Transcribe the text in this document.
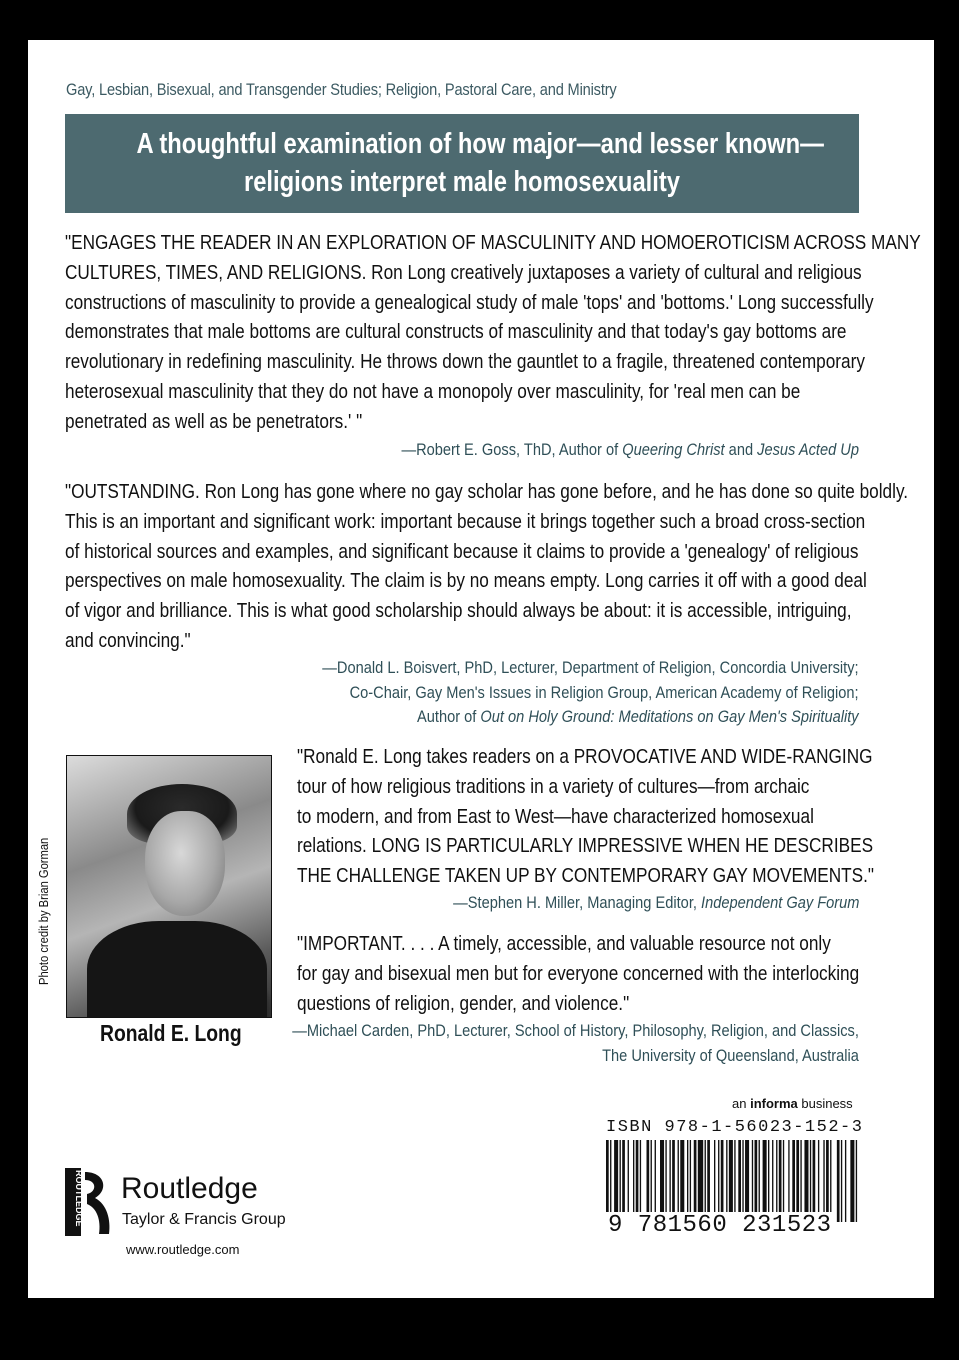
Gay, Lesbian, Bisexual, and Transgender Studies; Religion, Pastoral Care, and Ministry
A thoughtful examination of how major—and lesser known—
religions interpret male homosexuality
"ENGAGES THE READER IN AN EXPLORATION OF MASCULINITY AND HOMOEROTICISM ACROSS MANY
CULTURES, TIMES, AND RELIGIONS. Ron Long creatively juxtaposes a variety of cultural and religious
constructions of masculinity to provide a genealogical study of male 'tops' and 'bottoms.' Long successfully
demonstrates that male bottoms are cultural constructs of masculinity and that today's gay bottoms are
revolutionary in redefining masculinity. He throws down the gauntlet to a fragile, threatened contemporary
heterosexual masculinity that they do not have a monopoly over masculinity, for 'real men can be
penetrated as well as be penetrators.' "
—Robert E. Goss, ThD, Author of Queering Christ and Jesus Acted Up
"OUTSTANDING. Ron Long has gone where no gay scholar has gone before, and he has done so quite boldly.
This is an important and significant work: important because it brings together such a broad cross-section
of historical sources and examples, and significant because it claims to provide a 'genealogy' of religious
perspectives on male homosexuality. The claim is by no means empty. Long carries it off with a good deal
of vigor and brilliance. This is what good scholarship should always be about: it is accessible, intriguing,
and convincing."
—Donald L. Boisvert, PhD, Lecturer, Department of Religion, Concordia University;
Co-Chair, Gay Men's Issues in Religion Group, American Academy of Religion;
Author of Out on Holy Ground: Meditations on Gay Men's Spirituality
Photo credit by Brian Gorman
Ronald E. Long
"Ronald E. Long takes readers on a PROVOCATIVE AND WIDE-RANGING
tour of how religious traditions in a variety of cultures—from archaic
to modern, and from East to West—have characterized homosexual
relations. LONG IS PARTICULARLY IMPRESSIVE WHEN HE DESCRIBES
THE CHALLENGE TAKEN UP BY CONTEMPORARY GAY MOVEMENTS."
—Stephen H. Miller, Managing Editor, Independent Gay Forum
"IMPORTANT. . . . A timely, accessible, and valuable resource not only
for gay and bisexual men but for everyone concerned with the interlocking
questions of religion, gender, and violence."
—Michael Carden, PhD, Lecturer, School of History, Philosophy, Religion, and Classics,
The University of Queensland, Australia
an informa business
ISBN 978-1-56023-152-3
9 781560 231523
ROUTLEDGE Routledge
Taylor & Francis Group
www.routledge.com
